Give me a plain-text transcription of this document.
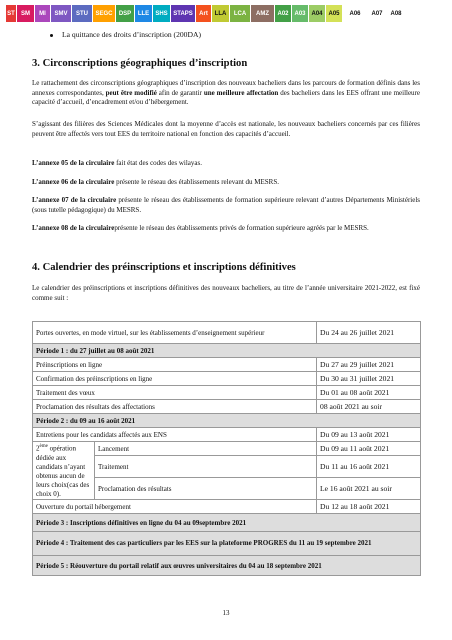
ST	SM	MI	SMV	STU	SEGC	DSP	LLE	SHS STAPS	Art	LLA	LCA	AMZ	A02 A03 A04 A05	A06	A07	A08
La quittance des droits d’inscription (200DA)
3. Circonscriptions géographiques d’inscription

Le rattachement des circonscriptions géographiques d’inscription des nouveaux bacheliers dans les parcours de formation définis dans les annexes correspondantes, peut être modifié afin de garantir une meilleure affectation des bacheliers dans les EES offrant une meilleure capacité d’accueil, d’encadrement et/ou d’hébergement.

S’agissant des filières des Sciences Médicales dont la moyenne d’accès est nationale, les nouveaux bacheliers concernés par ces filières peuvent être affectés vers tout EES du territoire national en fonction des capacités d’accueil.

L’annexe 05 de la circulaire fait état des codes des wilayas.

L’annexe 06 de la circulaire présente le réseau des établissements relevant du MESRS.

L’annexe 07 de la circulaire présente le réseau des établissements de formation supérieure relevant d’autres Départements Ministériels (sous tutelle pédagogique) du MESRS.

L’annexe 08 de la circulaireprésente le réseau des établissements privés de formation supérieure agréés par le MESRS.

4. Calendrier des préinscriptions et inscriptions définitives

Le calendrier des préinscriptions et inscriptions définitives des nouveaux bacheliers, au titre de l’année universitaire 2021-2022, est fixé comme suit :

Portes ouvertes, en mode virtuel, sur les établissements d’enseignement supérieur		Du 24 au 26 juillet 2021
Période 1 : du 27 juillet au 08 août 2021		
Préinscriptions en ligne		Du 27 au 29 juillet 2021
Confirmation des préinscriptions en ligne		Du 30 au 31 juillet 2021
Traitement des vœux		Du 01 au 08 août 2021
Proclamation des résultats des affectations		08 août 2021 au soir
Période 2 : du 09 au 16 août 2021		
Entretiens pour les candidats affectés aux ENS		Du 09 au 13 août 2021
2ème opération dédiée aux candidats n’ayant obtenus aucun de leurs choix(cas des choix 0).	Lancement	Du 09 au 11 août 2021
	Traitement	Du 11 au 16 août 2021
	Proclamation des résultats	Le 16 août 2021 au soir
Ouverture du portail hébergement		Du 12 au 18 août 2021
Période 3 : Inscriptions définitives en ligne du 04 au 09septembre 2021		
Période 4 : Traitement des cas particuliers par les EES sur la plateforme PROGRES du 11 au 19 septembre 2021		
Période 5 : Réouverture du portail relatif aux œuvres universitaires du 04 au 18 septembre 2021		
13
